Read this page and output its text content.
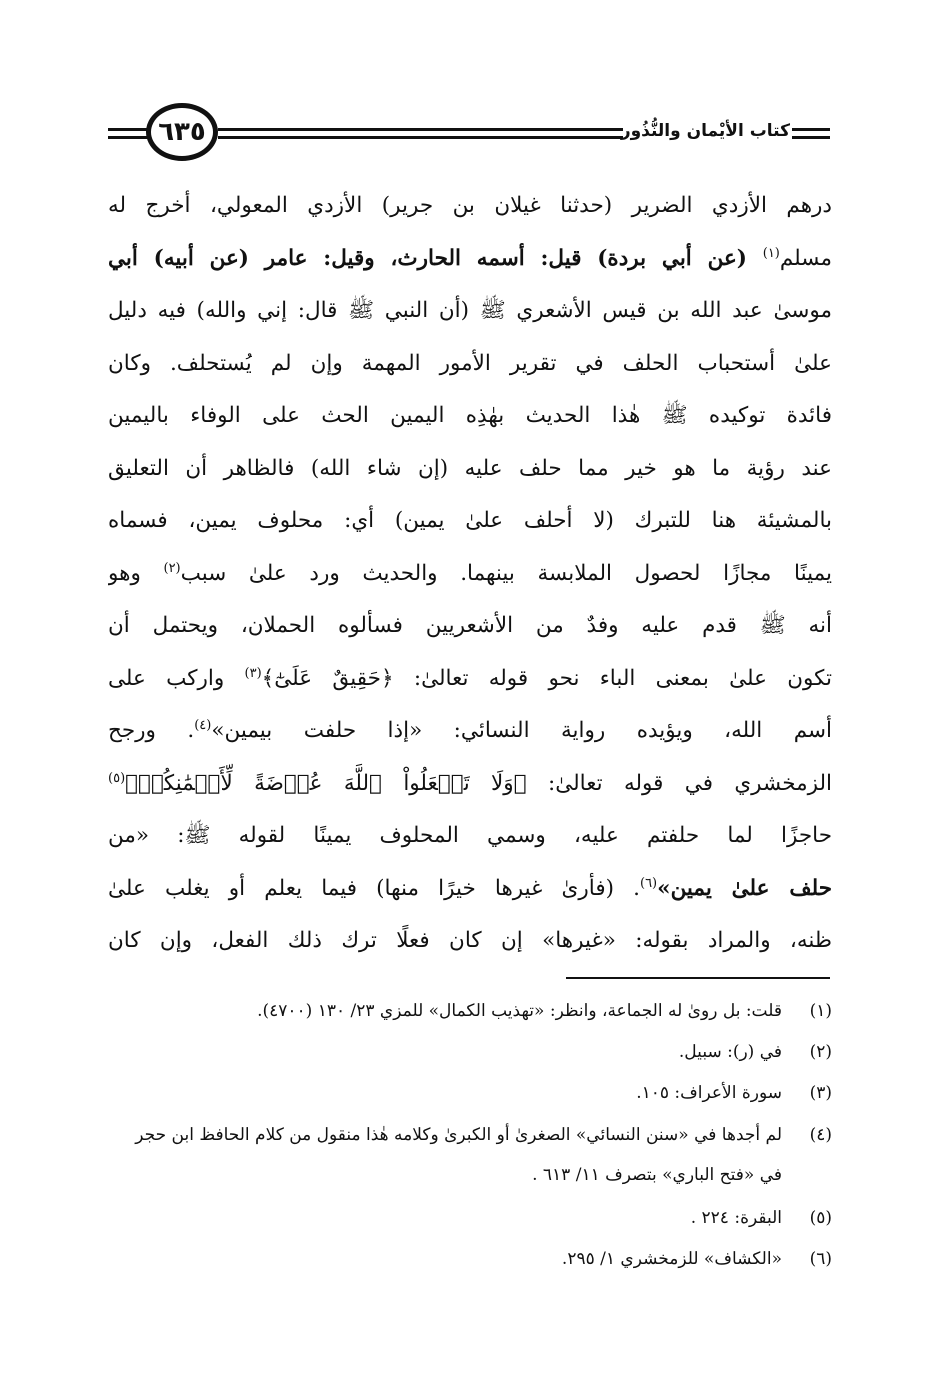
٦٣٥	كتاب الأيْمان والنُّذُور
درهم الأزدي الضرير (حدثنا غيلان بن جرير) الأزدي المعولي، أخرج له
مسلم$^{(١)}$ (عن أبي بردة) قيل: أسمه الحارث، وقيل: عامر (عن أبيه) أبي
موسىٰ عبد الله بن قيس الأشعري ﷺ (أن النبي ﷺ قال: إني والله) فيه دليل
علىٰ أستحباب الحلف في تقرير الأمور المهمة وإن لم يُستحلف. وكان
فائدة توكيده ﷺ هٰذا الحديث بهٰذِه اليمين الحث على الوفاء باليمين
عند رؤية ما هو خير مما حلف عليه (إن شاء الله) فالظاهر أن التعليق
بالمشيئة هنا للتبرك (لا أحلف علىٰ يمين) أي: محلوف يمين، فسماه
يمينًا مجازًا لحصول الملابسة بينهما. والحديث ورد علىٰ سبب$^{(٢)}$ وهو
أنه ﷺ قدم عليه وفدٌ من الأشعريين فسألوه الحملان، ويحتمل أن
تكون علىٰ بمعنى الباء نحو قوله تعالىٰ: ﴿حَقِيقٌ عَلَىٰٓ﴾$^{(٣)}$ واركب على
أسم الله، ويؤيده رواية النسائي: «إذا حلفت بيمين»$^{(٤)}$. ورجح
الزمخشري في قوله تعالىٰ: ﴿وَلَا تَجۡعَلُواْ ٱللَّهَ عُرۡضَةً لِّأَيۡمَٰنِكُمۡ﴾$^{(٥)}$
حاجزًا لما حلفتم عليه، وسمي المحلوف يمينًا لقوله ﷺ: «من
حلف علىٰ يمين»$^{(٦)}$. (فأرىٰ غيرها خيرًا منها) فيما يعلم أو يغلب علىٰ
ظنه، والمراد بقوله: «غيرها» إن كان فعلًا ترك ذلك الفعل، وإن كان
(١)
قلت: بل روىٰ له الجماعة، وانظر: «تهذيب الكمال» للمزي ٢٣/ ١٣٠ (٤٧٠٠).
(٢)
في (ر): سبيل.
(٣)
سورة الأعراف: ١٠٥.
(٤)
لم أجدها في «سنن النسائي» الصغرىٰ أو الكبرىٰ وكلامه هٰذا منقول من كلام الحافظ ابن حجر في «فتح الباري» بتصرف ١١/ ٦١٣ .
(٥)
البقرة: ٢٢٤ .
(٦)
«الكشاف» للزمخشري ١/ ٢٩٥.
